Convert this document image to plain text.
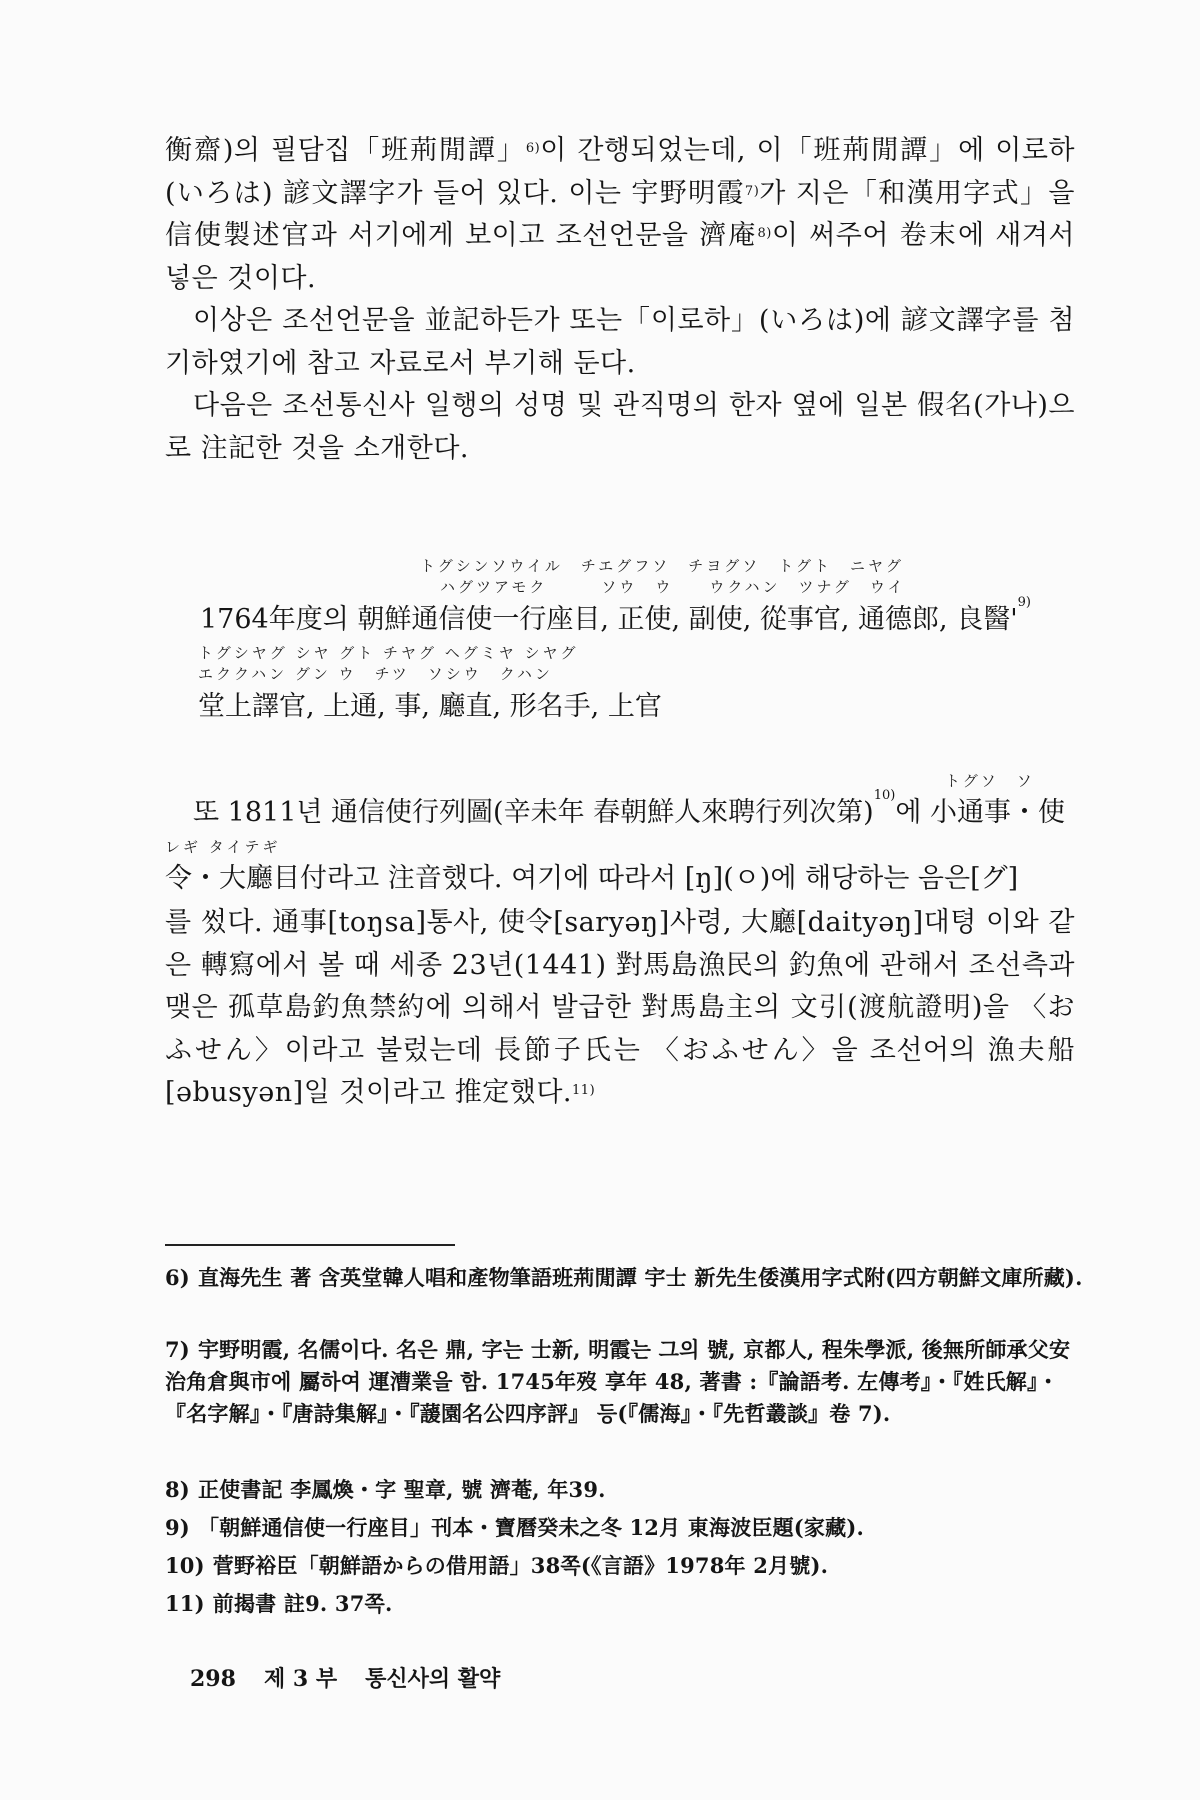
衡齋)의 필담집「班荊閒譚」$^{6)}$이 간행되었는데, 이「班荊閒譚」에 이로하(いろは) 諺文譯字가 들어 있다. 이는 宇野明霞$^{7)}$가 지은「和漢用字式」을 信使製述官과 서기에게 보이고 조선언문을 濟庵$^{8)}$이 써주어 卷末에 새겨서 넣은 것이다.

이상은 조선언문을 並記하든가 또는「이로하」(いろは)에 諺文譯字를 첨기하였기에 참고 자료로서 부기해 둔다.

다음은 조선통신사 일행의 성명 및 관직명의 한자 옆에 일본 假名(가나)으로 注記한 것을 소개한다.

トグシンソウイル　チエグフソ　チヨグソ　トグト　ニヤグ
ハグツアモク　　　ソウ　ウ　　ウクハン　ツナグ　ウイ
1764年度의 朝鮮通信使一行座目, 正使, 副使, 從事官, 通德郎, 良醫'$^{9)}$
トグシヤグ シヤ グト チヤグ ヘグミヤ シヤグ
エククハン グン ウ　チツ　ソシウ　クハン
堂上譯官, 上通, 事, 廳直, 形名手, 上官
トグソ　ソ
또 1811년 通信使行列圖(辛未年 春朝鮮人來聘行列次第)$^{10)}$에 小通事・使
レギ タイテギ
令・大廳目付라고 注音했다. 여기에 따라서 [ŋ](ㅇ)에 해당하는 음은[グ]

를 썼다. 通事[toŋsa]통사, 使令[saryəŋ]사령, 大廳[daityəŋ]대텽 이와 같은 轉寫에서 볼 때 세종 23년(1441) 對馬島漁民의 釣魚에 관해서 조선측과 맺은 孤草島釣魚禁約에 의해서 발급한 對馬島主의 文引(渡航證明)을 〈おふせん〉이라고 불렀는데 長節子氏는 〈おふせん〉을 조선어의 漁夫船[əbusyən]일 것이라고 推定했다.$^{11)}$

6) 直海先生 著 含英堂韓人唱和產物筆語班荊閒譚 宇士 新先生倭漢用字式附(四方朝鮮文庫所藏).

7) 宇野明霞, 名儒이다. 名은 鼎, 字는 士新, 明霞는 그의 號, 京都人, 程朱學派, 後無所師承父安治角倉與市에 屬하여 運漕業을 함. 1745年歿 享年 48, 著書 :『論語考. 左傳考』・『姓氏解』・『名字解』・『唐詩集解』・『蘐園名公四序評』 등(『儒海』・『先哲叢談』卷 7).

8) 正使書記 李鳳煥・字 聖章, 號 濟菴, 年39.

9) 「朝鮮通信使一行座目」刊本・寶曆癸未之冬 12月 東海波臣題(家藏).

10) 菅野裕臣「朝鮮語からの借用語」38쪽(《言語》1978年 2月號).

11) 前揭書 註9. 37쪽.

298 제 3 부 통신사의 활약
